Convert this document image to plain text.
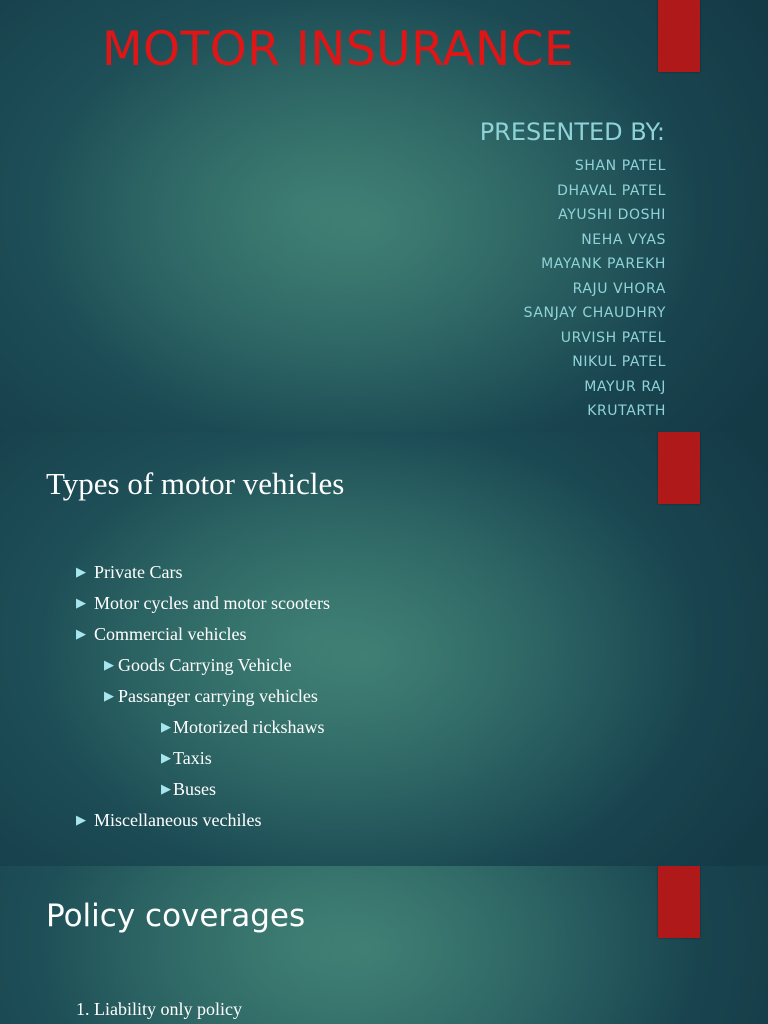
MOTOR INSURANCE
PRESENTED BY:
SHAN PATEL
DHAVAL PATEL
AYUSHI DOSHI
NEHA VYAS
MAYANK PAREKH
RAJU VHORA
SANJAY CHAUDHRY
URVISH PATEL
NIKUL PATEL
MAYUR RAJ
KRUTARTH
Types of motor vehicles
▶ Private Cars
▶ Motor cycles and motor scooters
▶ Commercial vehicles
▶ Goods Carrying Vehicle
▶ Passanger carrying vehicles
▶ Motorized rickshaws
▶ Taxis
▶ Buses
▶ Miscellaneous vechiles
Policy coverages
1. Liability only policy
